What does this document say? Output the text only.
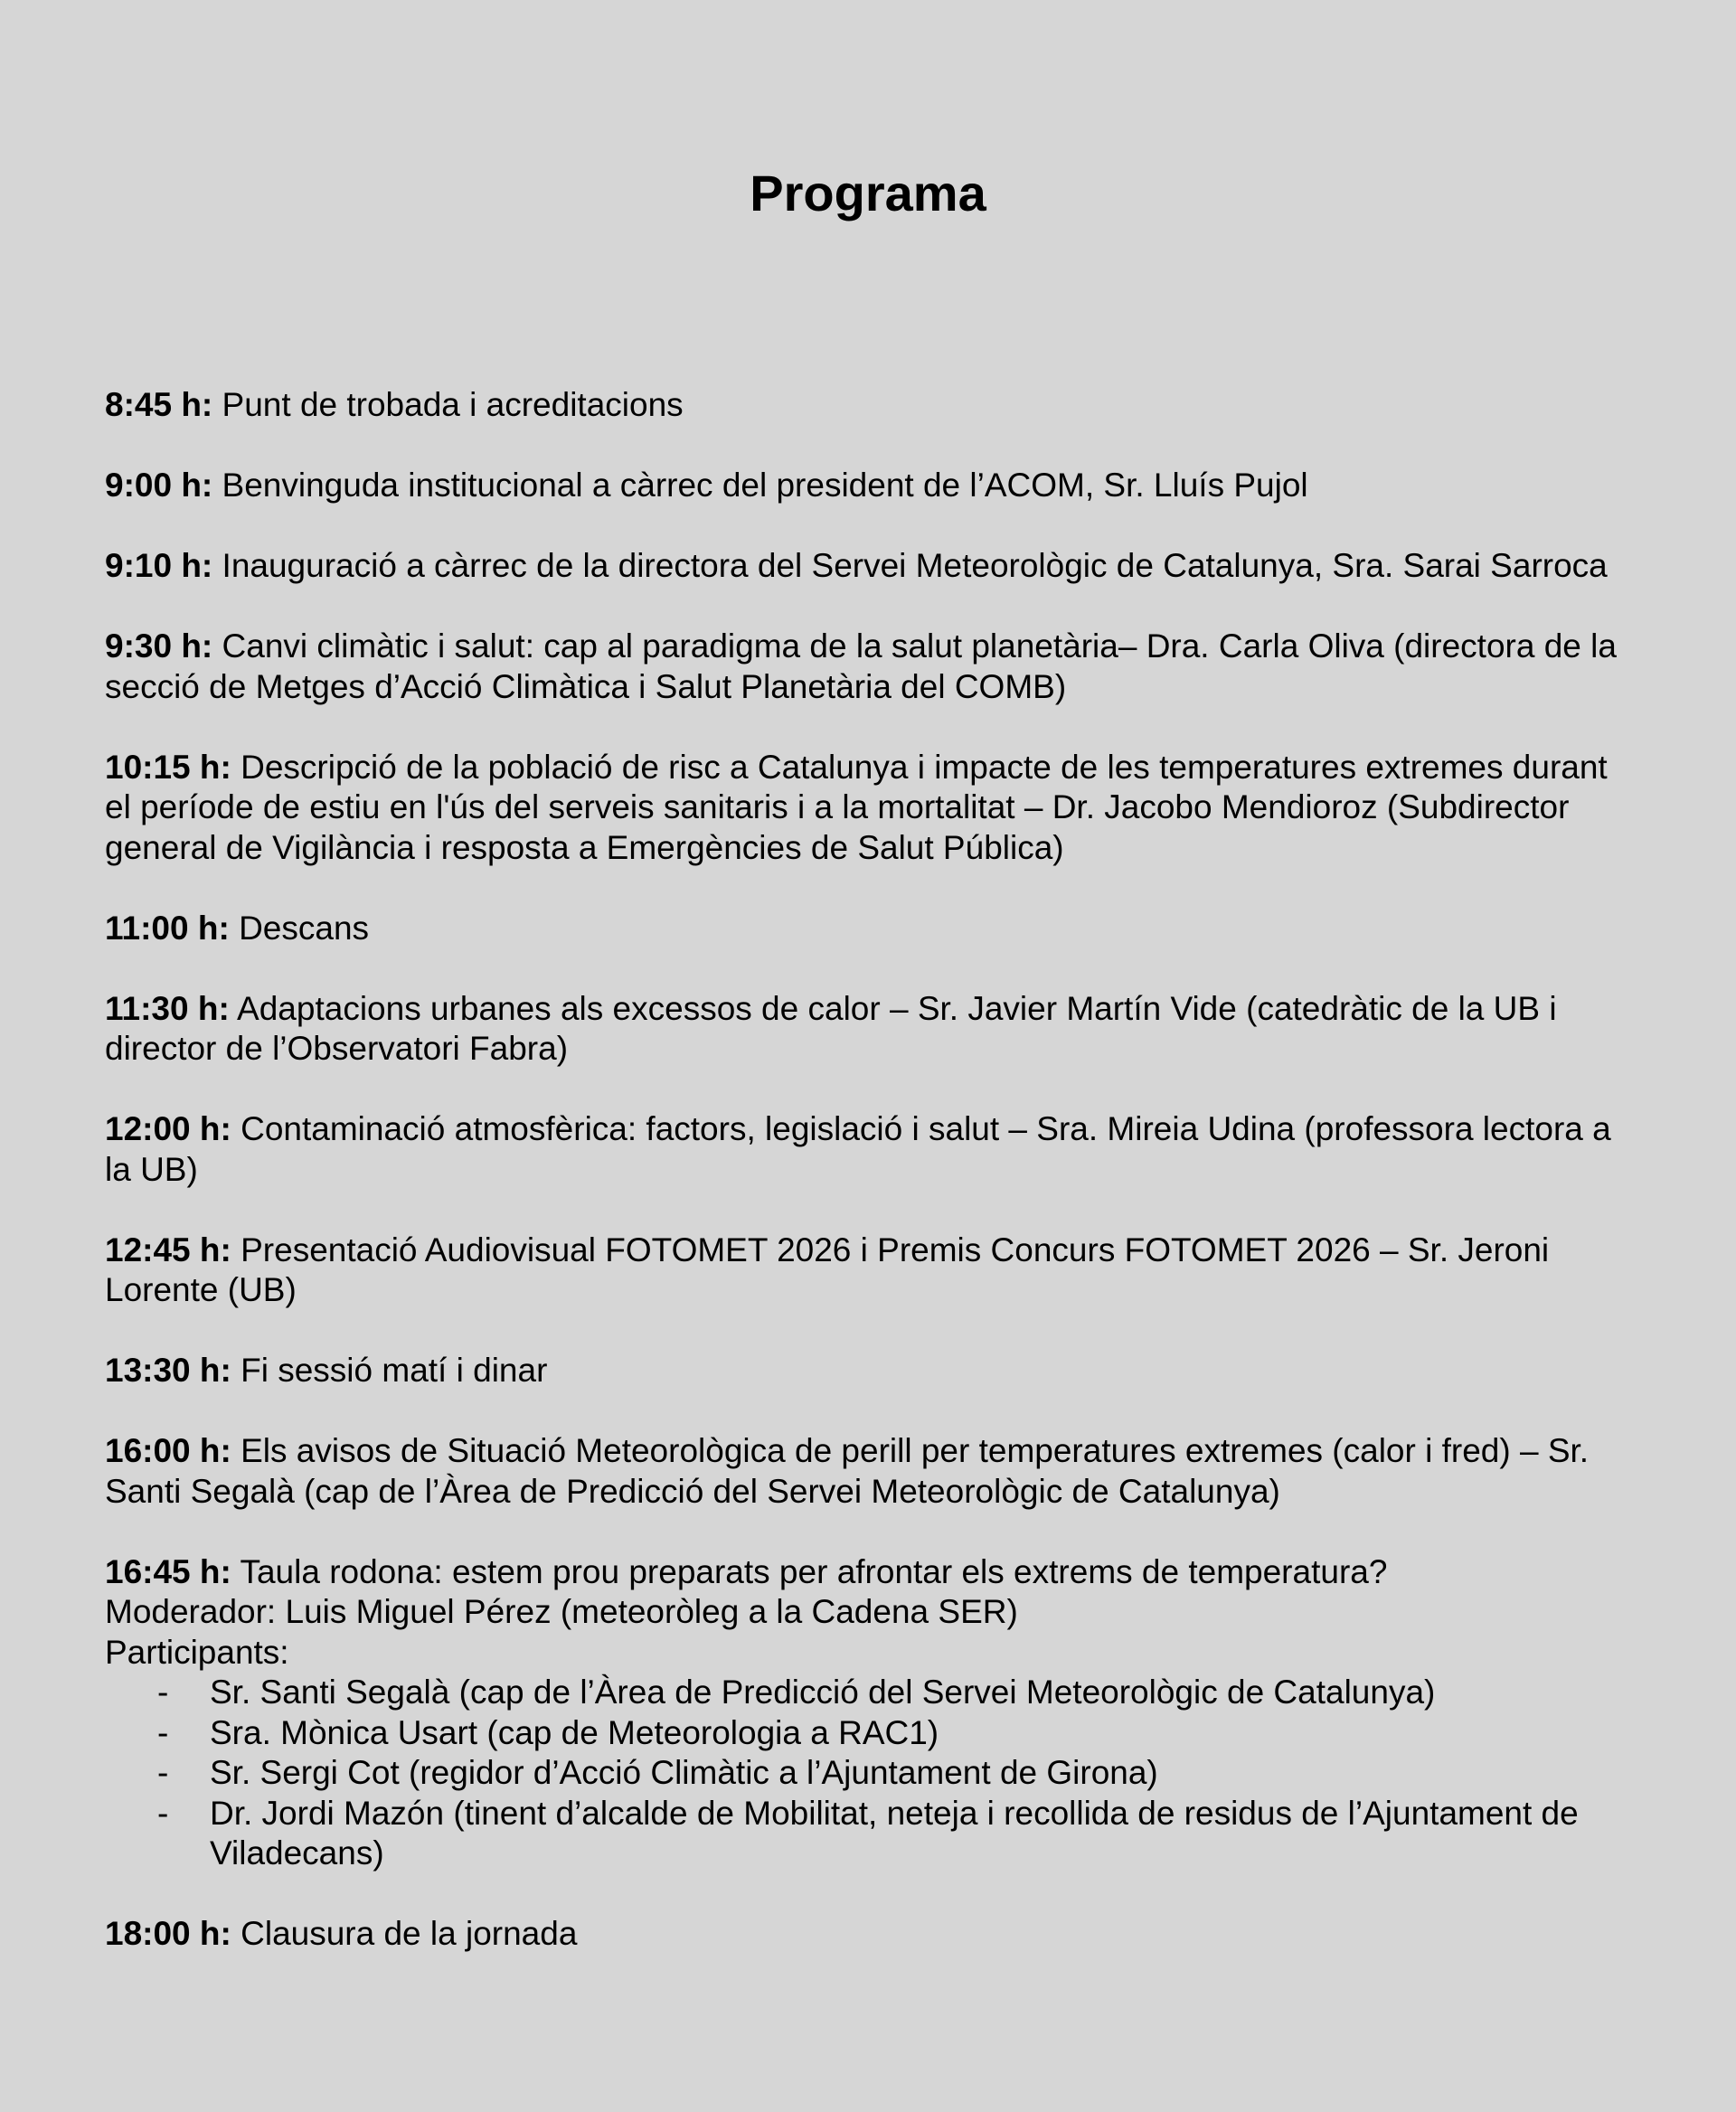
Programa

8:45 h: Punt de trobada i acreditacions

9:00 h: Benvinguda institucional a càrrec del president de l’ACOM, Sr. Lluís Pujol

9:10 h: Inauguració a càrrec de la directora del Servei Meteorològic de Catalunya, Sra. Sarai Sarroca

9:30 h: Canvi climàtic i salut: cap al paradigma de la salut planetària– Dra. Carla Oliva (directora de la secció de Metges d’Acció Climàtica i Salut Planetària del COMB)

10:15 h: Descripció de la població de risc a Catalunya i impacte de les temperatures extremes durant el període de estiu en l'ús del serveis sanitaris i a la mortalitat – Dr. Jacobo Mendioroz (Subdirector general de Vigilància i resposta a Emergències de Salut Pública)

11:00 h: Descans

11:30 h: Adaptacions urbanes als excessos de calor – Sr. Javier Martín Vide (catedràtic de la UB i director de l’Observatori Fabra)

12:00 h: Contaminació atmosfèrica: factors, legislació i salut – Sra. Mireia Udina (professora lectora a la UB)

12:45 h: Presentació Audiovisual FOTOMET 2026 i Premis Concurs FOTOMET 2026 – Sr. Jeroni Lorente (UB)

13:30 h: Fi sessió matí i dinar

16:00 h: Els avisos de Situació Meteorològica de perill per temperatures extremes (calor i fred) – Sr. Santi Segalà (cap de l’Àrea de Predicció del Servei Meteorològic de Catalunya)

16:45 h: Taula rodona: estem prou preparats per afrontar els extrems de temperatura?

Moderador: Luis Miguel Pérez (meteoròleg a la Cadena SER)

Participants:

- Sr. Santi Segalà (cap de l’Àrea de Predicció del Servei Meteorològic de Catalunya)
- Sra. Mònica Usart (cap de Meteorologia a RAC1)
- Sr. Sergi Cot (regidor d’Acció Climàtic a l’Ajuntament de Girona)
- Dr. Jordi Mazón (tinent d’alcalde de Mobilitat, neteja i recollida de residus de l’Ajuntament de Viladecans)

18:00 h: Clausura de la jornada
